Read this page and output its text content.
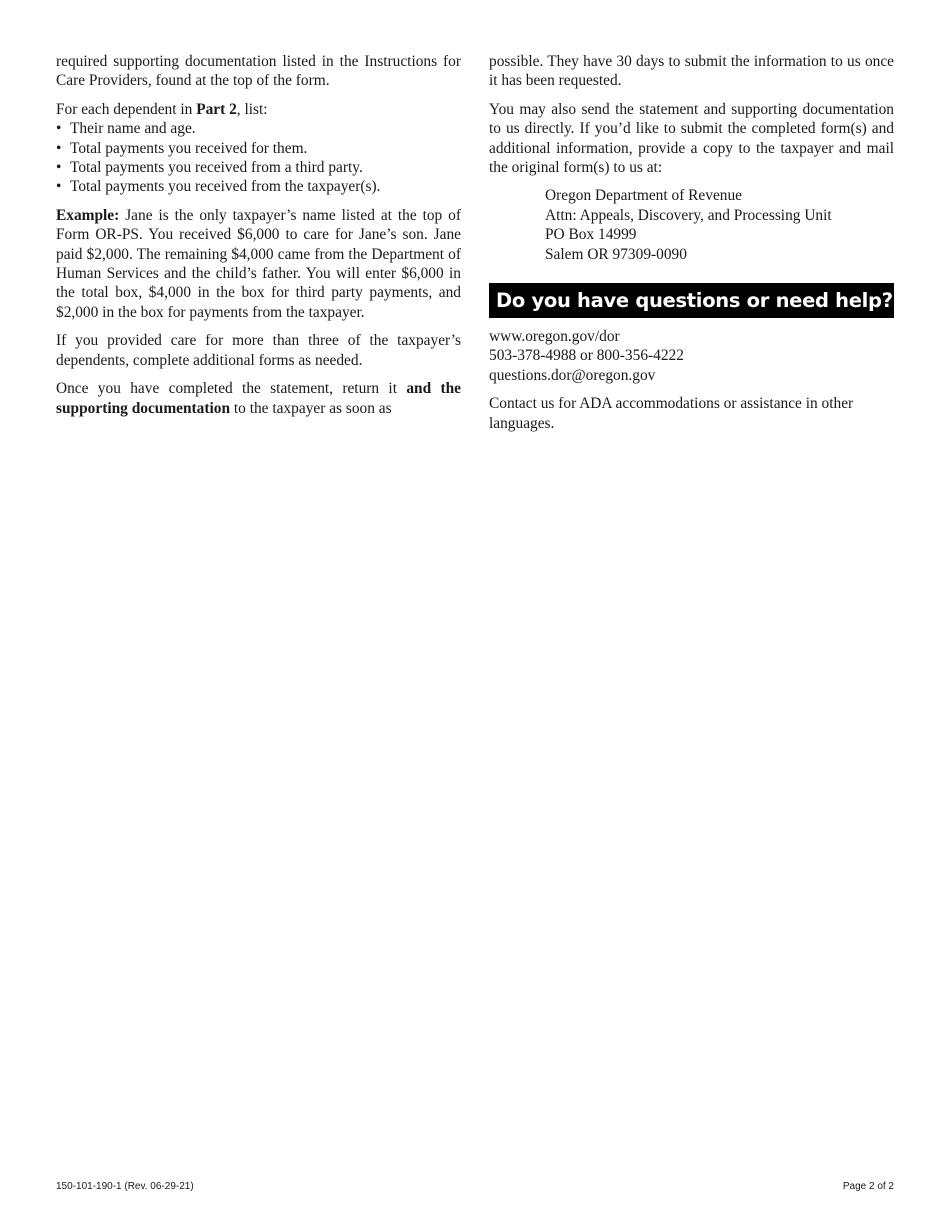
required supporting documentation listed in the Instructions for Care Providers, found at the top of the form.

For each dependent in Part 2, list:

• Their name and age.
• Total payments you received for them.
• Total payments you received from a third party.
• Total payments you received from the taxpayer(s).

Example: Jane is the only taxpayer’s name listed at the top of Form OR-PS. You received $6,000 to care for Jane’s son. Jane paid $2,000. The remaining $4,000 came from the Department of Human Services and the child’s father. You will enter $6,000 in the total box, $4,000 in the box for third party payments, and $2,000 in the box for payments from the taxpayer.

If you provided care for more than three of the taxpayer’s dependents, complete additional forms as needed.

Once you have completed the statement, return it and the supporting documentation to the taxpayer as soon as

possible. They have 30 days to submit the information to us once it has been requested.

You may also send the statement and supporting documentation to us directly. If you’d like to submit the completed form(s) and additional information, provide a copy to the taxpayer and mail the original form(s) to us at:

Oregon Department of Revenue
Attn: Appeals, Discovery, and Processing Unit
PO Box 14999
Salem OR 97309-0090
Do you have questions or need help?
www.oregon.gov/dor
503-378-4988 or 800-356-4222
questions.dor@oregon.gov

Contact us for ADA accommodations or assistance in other languages.

150-101-190-1 (Rev. 06-29-21)	Page 2 of 2
